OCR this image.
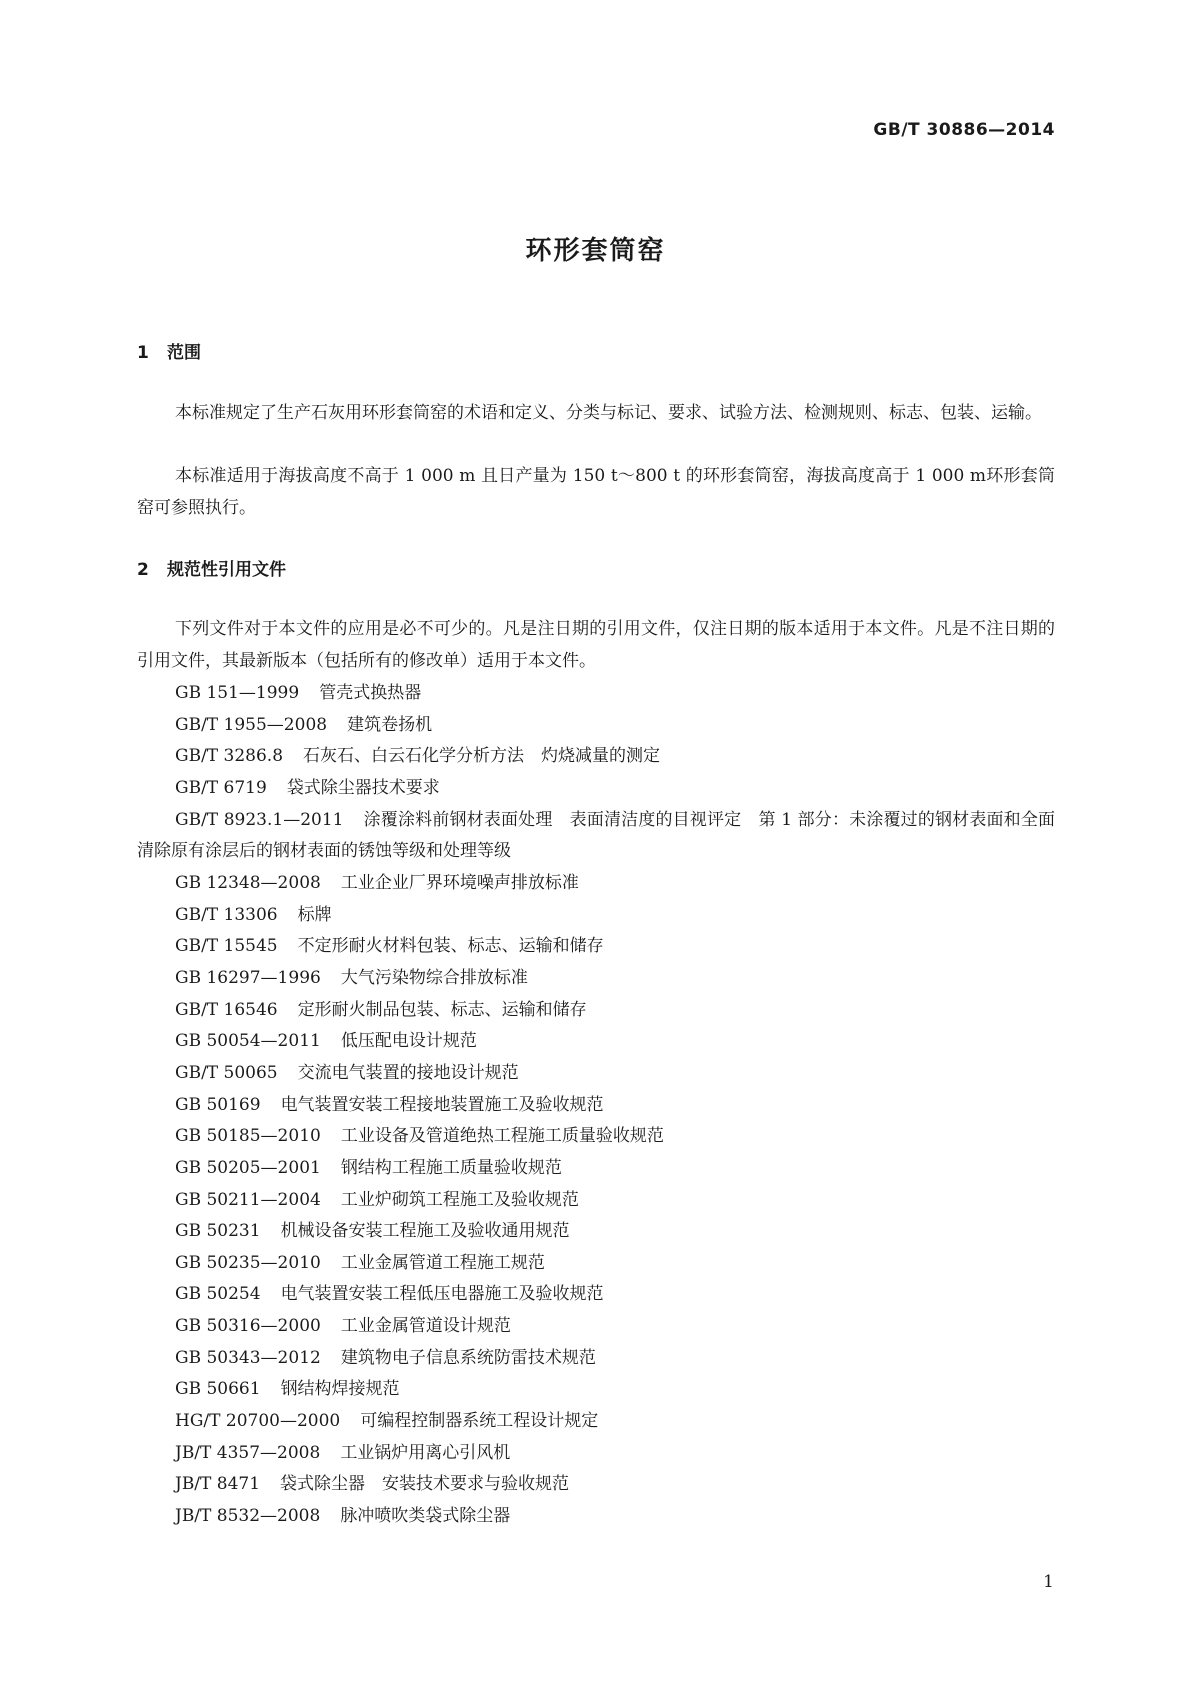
GB/T 30886—2014
环形套筒窑
1 范围

本标准规定了生产石灰用环形套筒窑的术语和定义、分类与标记、要求、试验方法、检测规则、标志、包装、运输。

本标准适用于海拔高度不高于 1 000 m 且日产量为 150 t～800 t 的环形套筒窑，海拔高度高于 1 000 m环形套筒窑可参照执行。

2 规范性引用文件

下列文件对于本文件的应用是必不可少的。凡是注日期的引用文件，仅注日期的版本适用于本文件。凡是不注日期的引用文件，其最新版本（包括所有的修改单）适用于本文件。

GB 151—1999 管壳式换热器
GB/T 1955—2008 建筑卷扬机
GB/T 3286.8 石灰石、白云石化学分析方法　灼烧减量的测定
GB/T 6719 袋式除尘器技术要求
GB/T 8923.1—2011 涂覆涂料前钢材表面处理　表面清洁度的目视评定　第 1 部分：未涂覆过的钢材表面和全面清除原有涂层后的钢材表面的锈蚀等级和处理等级
GB 12348—2008 工业企业厂界环境噪声排放标准
GB/T 13306 标牌
GB/T 15545 不定形耐火材料包装、标志、运输和储存
GB 16297—1996 大气污染物综合排放标准
GB/T 16546 定形耐火制品包装、标志、运输和储存
GB 50054—2011 低压配电设计规范
GB/T 50065 交流电气装置的接地设计规范
GB 50169 电气装置安装工程接地装置施工及验收规范
GB 50185—2010 工业设备及管道绝热工程施工质量验收规范
GB 50205—2001 钢结构工程施工质量验收规范
GB 50211—2004 工业炉砌筑工程施工及验收规范
GB 50231 机械设备安装工程施工及验收通用规范
GB 50235—2010 工业金属管道工程施工规范
GB 50254 电气装置安装工程低压电器施工及验收规范
GB 50316—2000 工业金属管道设计规范
GB 50343—2012 建筑物电子信息系统防雷技术规范
GB 50661 钢结构焊接规范
HG/T 20700—2000 可编程控制器系统工程设计规定
JB/T 4357—2008 工业锅炉用离心引风机
JB/T 8471 袋式除尘器　安装技术要求与验收规范
JB/T 8532—2008 脉冲喷吹类袋式除尘器
1
